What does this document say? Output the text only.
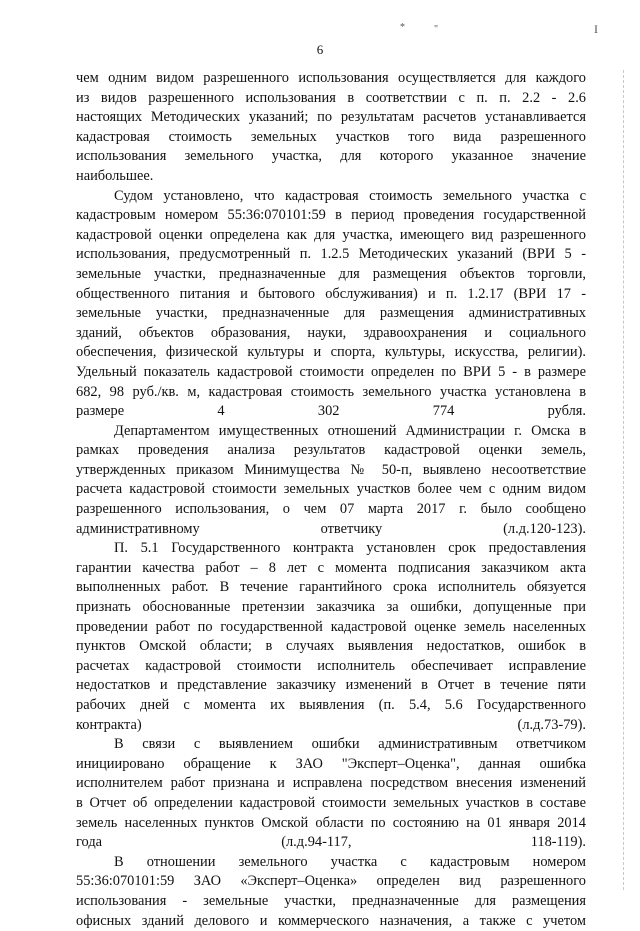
*	"	I

6

чем одним видом разрешенного использования осуществляется для каждого
из видов разрешенного использования в соответствии с п. п. 2.2 - 2.6
настоящих Методических указаний; по результатам расчетов устанавливается
кадастровая стоимость земельных участков того вида разрешенного
использования земельного участка, для которого указанное значение
наибольшее.

Судом установлено, что кадастровая стоимость земельного участка с
кадастровым номером 55:36:070101:59 в период проведения государственной
кадастровой оценки определена как для участка, имеющего вид разрешенного
использования, предусмотренный п. 1.2.5 Методических указаний (ВРИ 5 -
земельные участки, предназначенные для размещения объектов торговли,
общественного питания и бытового обслуживания) и п. 1.2.17 (ВРИ 17 -
земельные участки, предназначенные для размещения административных
зданий, объектов образования, науки, здравоохранения и социального
обеспечения, физической культуры и спорта, культуры, искусства, религии).
Удельный показатель кадастровой стоимости определен по ВРИ 5 - в размере
682, 98 руб./кв. м, кадастровая стоимость земельного участка установлена в
размере 4 302 774 рубля.

Департаментом имущественных отношений Администрации г. Омска в
рамках проведения анализа результатов кадастровой оценки земель,
утвержденных приказом Минимущества № 50-п, выявлено несоответствие
расчета кадастровой стоимости земельных участков более чем с одним видом
разрешенного использования, о чем 07 марта 2017 г. было сообщено
административному ответчику (л.д.120-123).

П. 5.1 Государственного контракта установлен срок предоставления
гарантии качества работ – 8 лет с момента подписания заказчиком акта
выполненных работ. В течение гарантийного срока исполнитель обязуется
признать обоснованные претензии заказчика за ошибки, допущенные при
проведении работ по государственной кадастровой оценке земель населенных
пунктов Омской области; в случаях выявления недостатков, ошибок в
расчетах кадастровой стоимости исполнитель обеспечивает исправление
недостатков и представление заказчику изменений в Отчет в течение пяти
рабочих дней с момента их выявления (п. 5.4, 5.6 Государственного
контракта) (л.д.73-79).

В связи с выявлением ошибки административным ответчиком
инициировано обращение к ЗАО "Эксперт–Оценка", данная ошибка
исполнителем работ признана и исправлена посредством внесения изменений
в Отчет об определении кадастровой стоимости земельных участков в составе
земель населенных пунктов Омской области по состоянию на 01 января 2014
года (л.д.94-117, 118-119).

В отношении земельного участка с кадастровым номером
55:36:070101:59 ЗАО «Эксперт–Оценка» определен вид разрешенного
использования - земельные участки, предназначенные для размещения
офисных зданий делового и коммерческого назначения, а также с учетом
